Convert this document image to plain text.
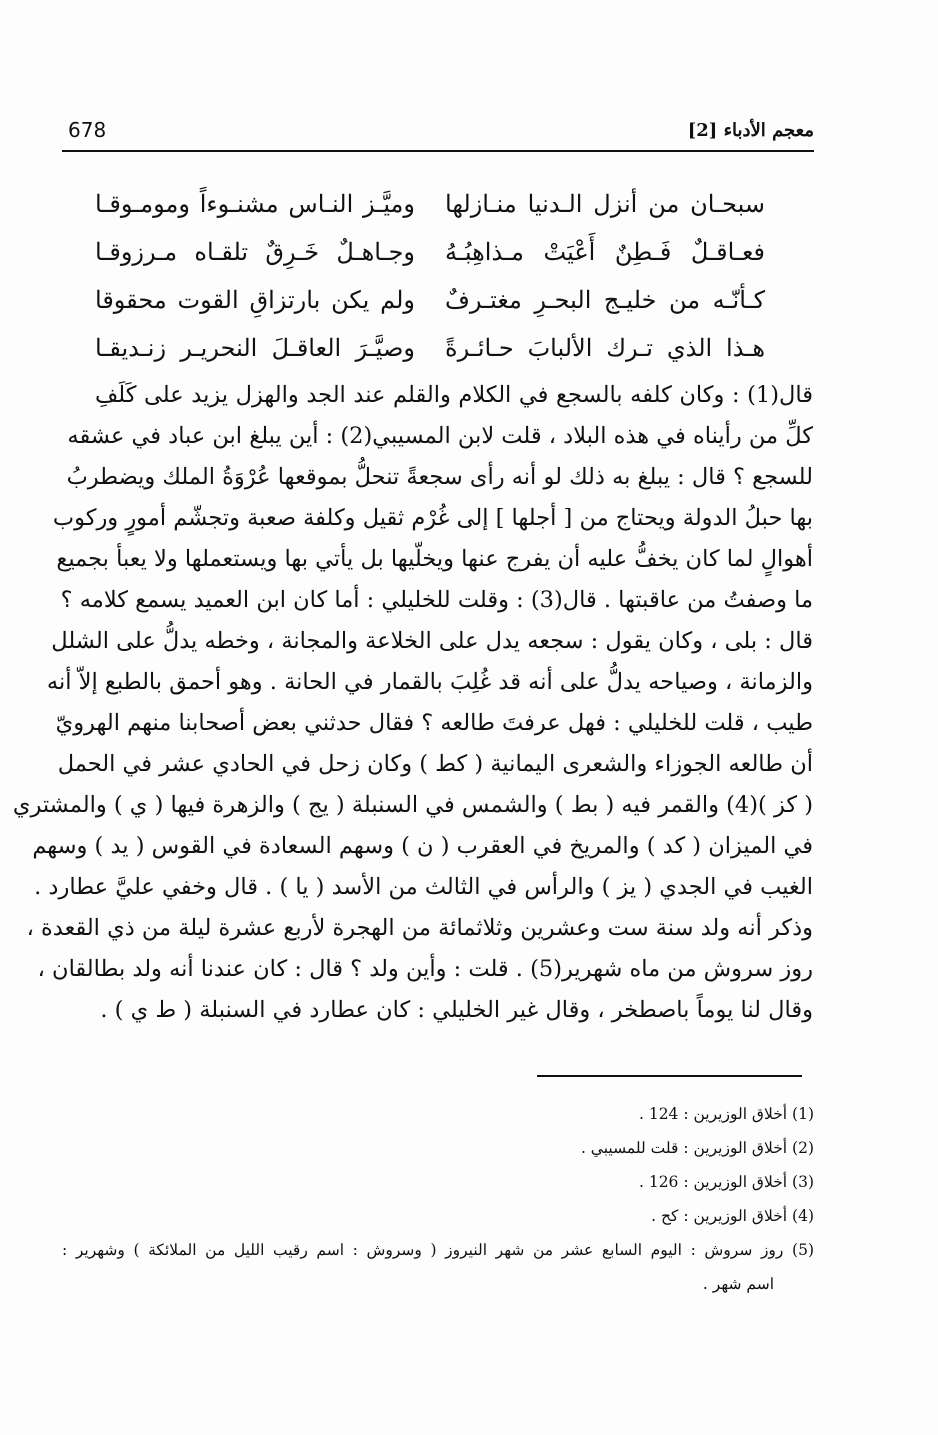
678	معجم الأدباء [2]
سبحـان من أنزل الـدنيا منـازلها
وميَّـز النـاس مشنـوءاً ومومـوقـا
فعـاقـلٌ فَـطِنٌ أَعْيَتْ مـذاهِبُـهُ
وجـاهـلٌ خَـرِقٌ تلقـاه مـرزوقـا
كـأنّـه من خليـج البحـرِ مغتـرفٌ
ولم يكن بارتزاقِ القوت محقوقا
هـذا الذي تـرك الألبابَ حـائـرةً
وصيَّـرَ العاقـلَ النحريـر زنـديقـا
قال(1) : وكان كلفه بالسجع في الكلام والقلم عند الجد والهزل يزيد على كَلَفِ
كلِّ من رأيناه في هذه البلاد ، قلت لابن المسيبي(2) : أين يبلغ ابن عباد في عشقه
للسجع ؟ قال : يبلغ به ذلك لو أنه رأى سجعةً تنحلُّ بموقعها عُرْوَةُ الملك ويضطربُ
بها حبلُ الدولة ويحتاج من [ أجلها ] إلى غُرْم ثقيل وكلفة صعبة وتجشّم أمورٍ وركوب
أهوالٍ لما كان يخفُّ عليه أن يفرج عنها ويخلّيها بل يأتي بها ويستعملها ولا يعبأ بجميع
ما وصفتُ من عاقبتها . قال(3) : وقلت للخليلي : أما كان ابن العميد يسمع كلامه ؟
قال : بلى ، وكان يقول : سجعه يدل على الخلاعة والمجانة ، وخطه يدلُّ على الشلل
والزمانة ، وصياحه يدلُّ على أنه قد غُلِبَ بالقمار في الحانة . وهو أحمق بالطبع إلاّ أنه
طيب ، قلت للخليلي : فهل عرفتَ طالعه ؟ فقال حدثني بعض أصحابنا منهم الهرويّ
أن طالعه الجوزاء والشعرى اليمانية ( كط ) وكان زحل في الحادي عشر في الحمل
( كز )(4) والقمر فيه ( بط ) والشمس في السنبلة ( يج ) والزهرة فيها ( ي ) والمشتري
في الميزان ( كد ) والمريخ في العقرب ( ن ) وسهم السعادة في القوس ( يد ) وسهم
الغيب في الجدي ( يز ) والرأس في الثالث من الأسد ( يا ) . قال وخفي عليَّ عطارد .
وذكر أنه ولد سنة ست وعشرين وثلاثمائة من الهجرة لأربع عشرة ليلة من ذي القعدة ،
روز سروش من ماه شهرير(5) . قلت : وأين ولد ؟ قال : كان عندنا أنه ولد بطالقان ،
وقال لنا يوماً باصطخر ، وقال غير الخليلي : كان عطارد في السنبلة ( ط ي ) .
(1) أخلاق الوزيرين : 124 .
(2) أخلاق الوزيرين : قلت للمسيبي .
(3) أخلاق الوزيرين : 126 .
(4) أخلاق الوزيرين : كح .
(5) روز سروش : اليوم السابع عشر من شهر النيروز ( وسروش : اسم رقيب الليل من الملائكة ) وشهرير :
اسم شهر .
